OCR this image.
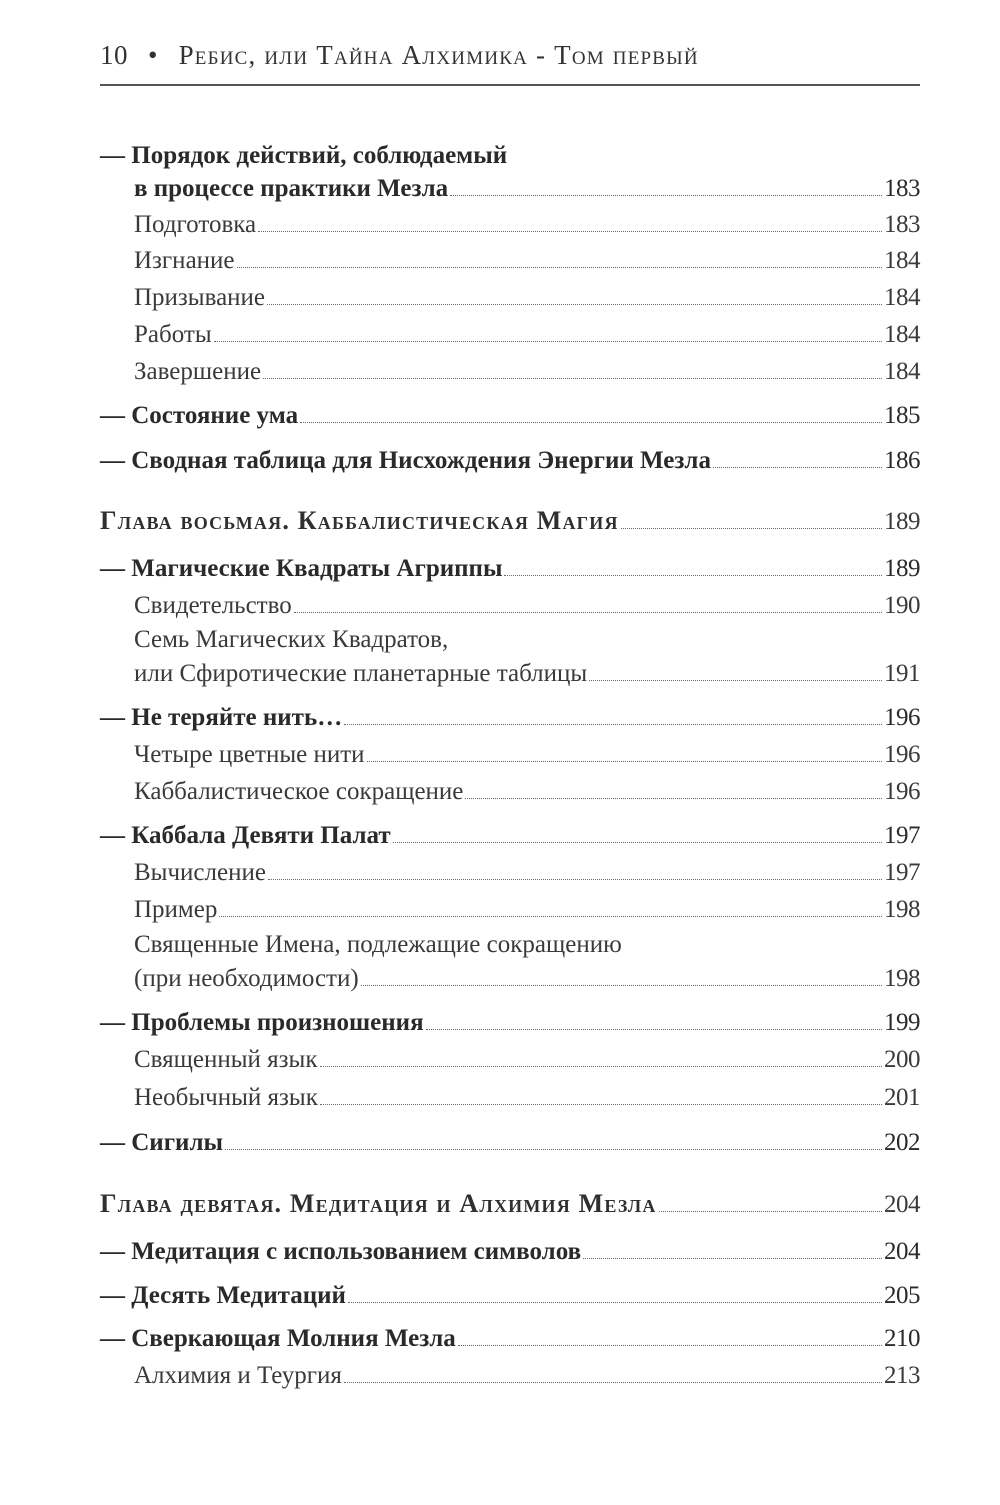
10 • Ребис, или Тайна Алхимика - Том первый
— Порядок действий, соблюдаемый
в процессе практики Мезла	183
Подготовка	183
Изгнание	184
Призывание	184
Работы	184
Завершение	184
— Состояние ума	185
— Сводная таблица для Нисхождения Энергии Мезла	186
Глава восьмая. Каббалистическая Магия	189
— Магические Квадраты Агриппы	189
Свидетельство	190
Семь Магических Квадратов,
или Сфиротические планетарные таблицы	191
— Не теряйте нить…	196
Четыре цветные нити	196
Каббалистическое сокращение	196
— Каббала Девяти Палат	197
Вычисление	197
Пример	198
Священные Имена, подлежащие сокращению
(при необходимости)	198
— Проблемы произношения	199
Священный язык	200
Необычный язык	201
— Сигилы	202
Глава девятая. Медитация и Алхимия Мезла	204
— Медитация с использованием символов	204
— Десять Медитаций	205
— Сверкающая Молния Мезла	210
Алхимия и Теургия	213
